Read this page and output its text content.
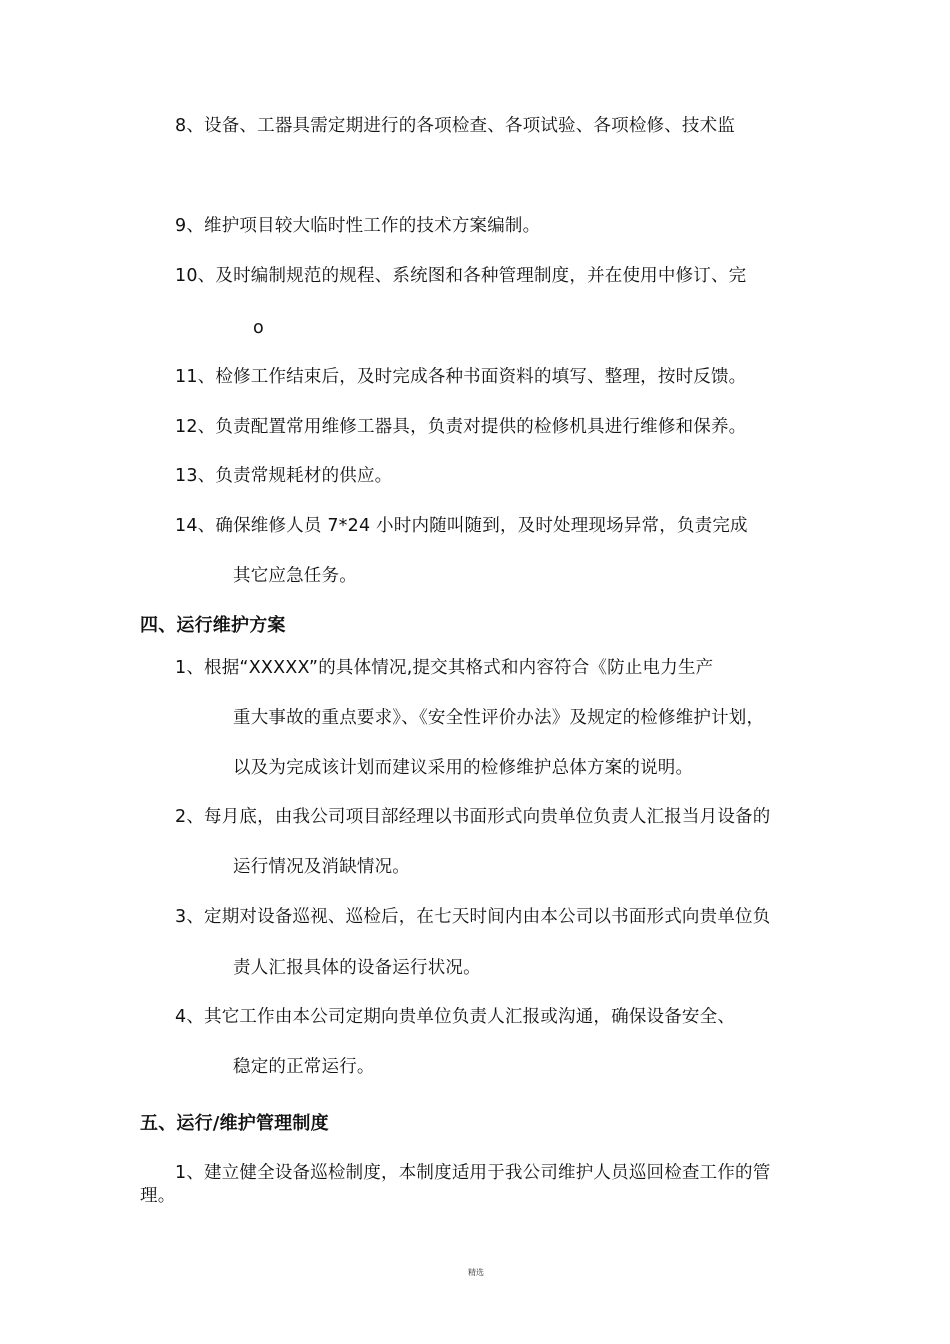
8、设备、工器具需定期进行的各项检查、各项试验、各项检修、技术监
9、维护项目较大临时性工作的技术方案编制。
10、及时编制规范的规程、系统图和各种管理制度，并在使用中修订、完
o
11、检修工作结束后，及时完成各种书面资料的填写、整理，按时反馈。
12、负责配置常用维修工器具，负责对提供的检修机具进行维修和保养。
13、负责常规耗材的供应。
14、确保维修人员 7*24 小时内随叫随到，及时处理现场异常，负责完成
其它应急任务。
四、运行维护方案
1、根据“XXXXX”的具体情况,提交其格式和内容符合《防止电力生产
重大事故的重点要求》、《安全性评价办法》及规定的检修维护计划，
以及为完成该计划而建议采用的检修维护总体方案的说明。
2、每月底，由我公司项目部经理以书面形式向贵单位负责人汇报当月设备的
运行情况及消缺情况。
3、定期对设备巡视、巡检后，在七天时间内由本公司以书面形式向贵单位负
责人汇报具体的设备运行状况。
4、其它工作由本公司定期向贵单位负责人汇报或沟通，确保设备安全、
稳定的正常运行。
五、运行/维护管理制度
1、建立健全设备巡检制度，本制度适用于我公司维护人员巡回检查工作的管
理。
精选
